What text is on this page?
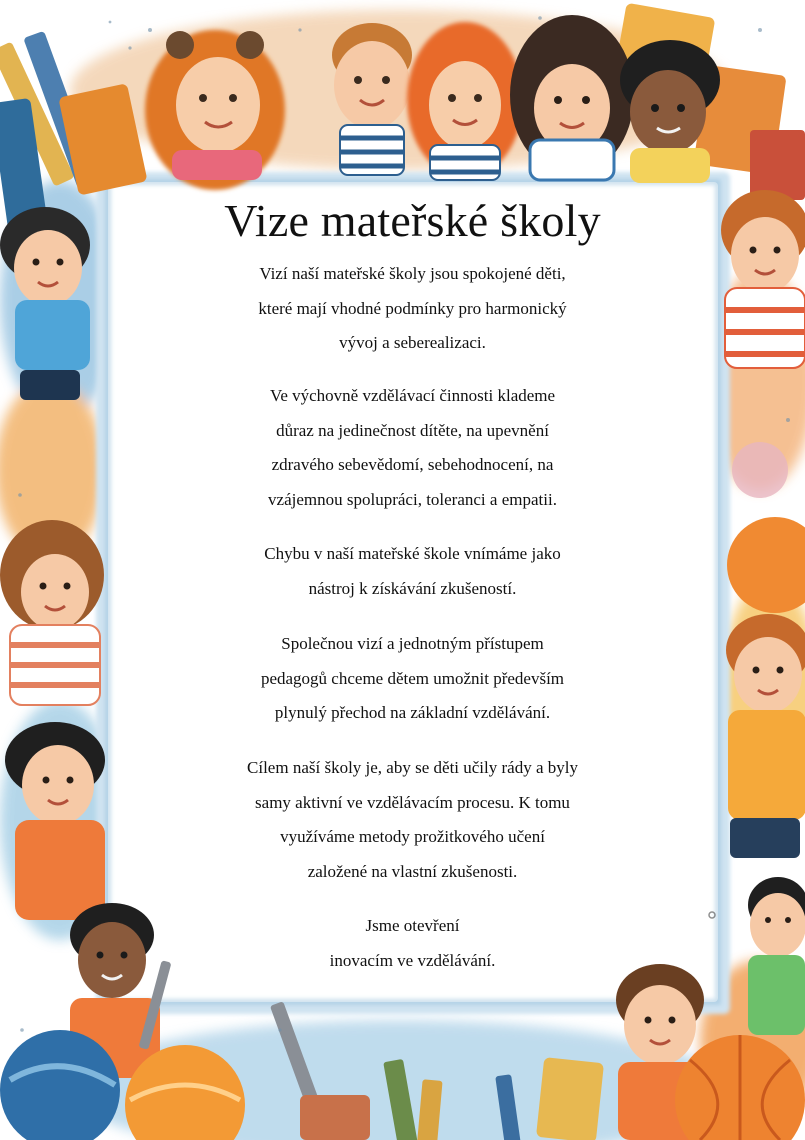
Vize mateřské školy

Vizí naší mateřské školy jsou spokojené děti,
které mají vhodné podmínky pro harmonický
vývoj a seberealizaci.

Ve výchovně vzdělávací činnosti klademe
důraz na jedinečnost dítěte, na upevnění
zdravého sebevědomí, sebehodnocení, na
vzájemnou spolupráci, toleranci a empatii.

Chybu v naší mateřské škole vnímáme jako
nástroj k získávání zkušeností.

Společnou vizí a jednotným přístupem
pedagogů chceme dětem umožnit především
plynulý přechod na základní vzdělávání.

Cílem naší školy je, aby se děti učily rády a byly
samy aktivní ve vzdělávacím procesu. K tomu
využíváme metody prožitkového učení
založené na vlastní zkušenosti.

Jsme otevření
inovacím ve vzdělávání.
